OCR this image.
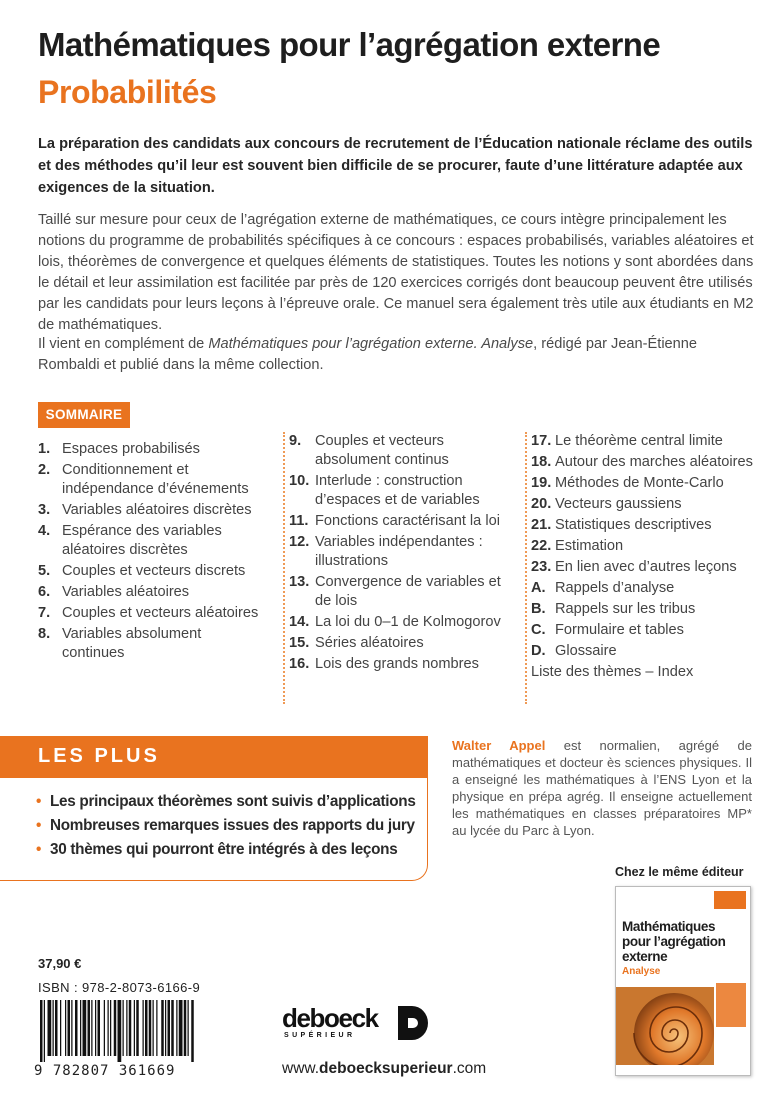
Mathématiques pour l’agrégation externe
Probabilités

La préparation des candidats aux concours de recrutement de l’Éducation nationale réclame des outils et des méthodes qu’il leur est souvent bien difficile de se procurer, faute d’une littérature adaptée aux exigences de la situation.

Taillé sur mesure pour ceux de l’agrégation externe de mathématiques, ce cours intègre principalement les notions du programme de probabilités spécifiques à ce concours : espaces probabilisés, variables aléatoires et lois, théorèmes de convergence et quelques éléments de statistiques. Toutes les notions y sont abordées dans le détail et leur assimilation est facilitée par près de 120 exercices corrigés dont beaucoup peuvent être utilisés par les candidats pour leurs leçons à l’épreuve orale. Ce manuel sera également très utile aux étudiants en M2 de mathématiques.

Il vient en complément de Mathématiques pour l’agrégation externe. Analyse, rédigé par Jean-Étienne Rombaldi et publié dans la même collection.

SOMMAIRE
1. Espaces probabilisés
2. Conditionnement et indépendance d’événements
3. Variables aléatoires discrètes
4. Espérance des variables aléatoires discrètes
5. Couples et vecteurs discrets
6. Variables aléatoires
7. Couples et vecteurs aléatoires
8. Variables absolument continues
9. Couples et vecteurs absolument continus
10. Interlude : construction d’espaces et de variables
11. Fonctions caractérisant la loi
12. Variables indépendantes : illustrations
13. Convergence de variables et de lois
14. La loi du 0–1 de Kolmogorov
15. Séries aléatoires
16. Lois des grands nombres
17. Le théorème central limite
18. Autour des marches aléatoires
19. Méthodes de Monte-Carlo
20. Vecteurs gaussiens
21. Statistiques descriptives
22. Estimation
23. En lien avec d’autres leçons
A. Rappels d’analyse
B. Rappels sur les tribus
C. Formulaire et tables
D. Glossaire
Liste des thèmes – Index
LES PLUS
• Les principaux théorèmes sont suivis d’applications
• Nombreuses remarques issues des rapports du jury
• 30 thèmes qui pourront être intégrés à des leçons

Walter Appel est normalien, agrégé de mathématiques et docteur ès sciences physiques. Il a enseigné les mathématiques à l’ENS Lyon et la physique en prépa agrég. Il enseigne actuellement les mathématiques en classes préparatoires MP* au lycée du Parc à Lyon.

Chez le même éditeur
Mathématiques pour l’agrégation externe
Analyse
37,90 €
ISBN : 978-2-8073-6166-9
9 782807 361669
deboeck
SUPÉRIEUR
www.deboecksuperieur.com
